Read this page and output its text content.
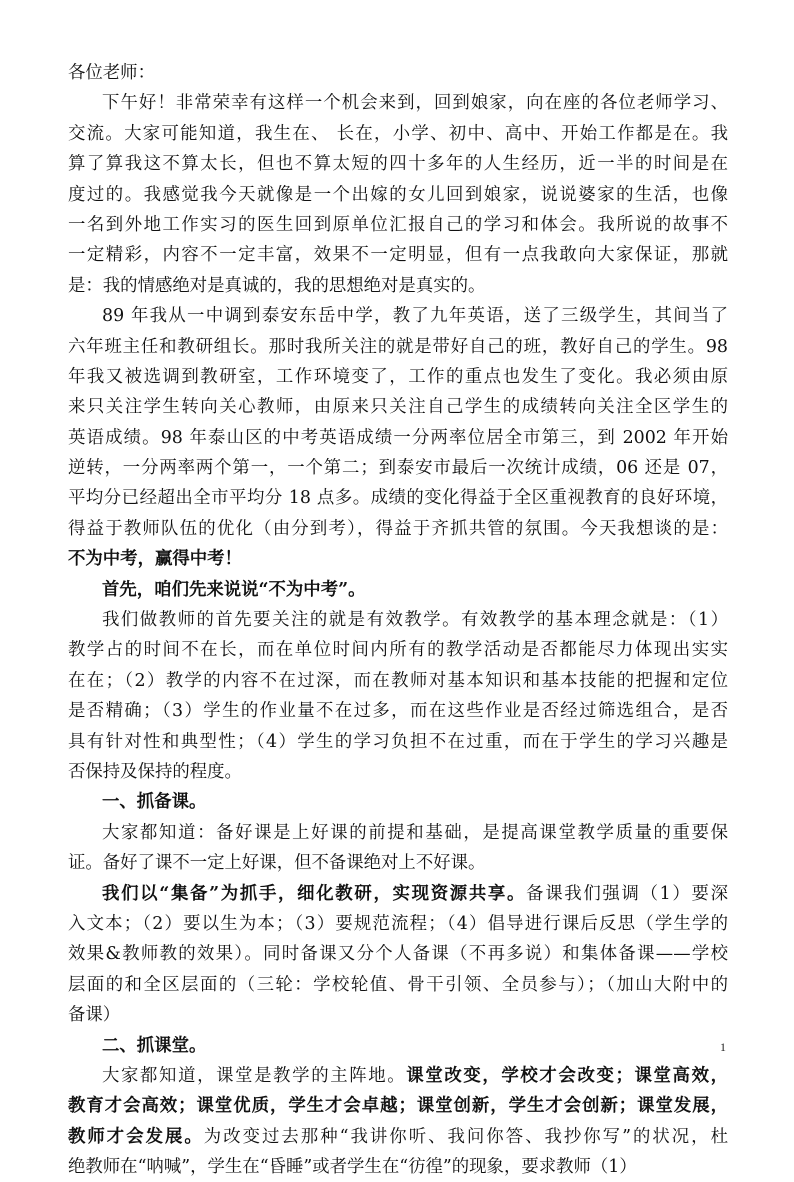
各位老师：
下午好！非常荣幸有这样一个机会来到，回到娘家，向在座的各位老师学习、
交流。大家可能知道，我生在、 长在，小学、初中、高中、开始工作都是在。我
算了算我这不算太长，但也不算太短的四十多年的人生经历，近一半的时间是在
度过的。我感觉我今天就像是一个出嫁的女儿回到娘家，说说婆家的生活，也像
一名到外地工作实习的医生回到原单位汇报自己的学习和体会。我所说的故事不
一定精彩，内容不一定丰富，效果不一定明显，但有一点我敢向大家保证，那就
是：我的情感绝对是真诚的，我的思想绝对是真实的。
89 年我从一中调到泰安东岳中学，教了九年英语，送了三级学生，其间当了
六年班主任和教研组长。那时我所关注的就是带好自己的班，教好自己的学生。98
年我又被选调到教研室，工作环境变了，工作的重点也发生了变化。我必须由原
来只关注学生转向关心教师，由原来只关注自己学生的成绩转向关注全区学生的
英语成绩。98 年泰山区的中考英语成绩一分两率位居全市第三，到 2002 年开始
逆转，一分两率两个第一，一个第二；到泰安市最后一次统计成绩，06 还是 07，
平均分已经超出全市平均分 18 点多。成绩的变化得益于全区重视教育的良好环境，
得益于教师队伍的优化（由分到考），得益于齐抓共管的氛围。今天我想谈的是：
不为中考，赢得中考！
首先，咱们先来说说“不为中考”。
我们做教师的首先要关注的就是有效教学。有效教学的基本理念就是：（1）
教学占的时间不在长，而在单位时间内所有的教学活动是否都能尽力体现出实实
在在；（2）教学的内容不在过深，而在教师对基本知识和基本技能的把握和定位
是否精确；（3）学生的作业量不在过多，而在这些作业是否经过筛选组合，是否
具有针对性和典型性；（4）学生的学习负担不在过重，而在于学生的学习兴趣是
否保持及保持的程度。
一、抓备课。
大家都知道：备好课是上好课的前提和基础，是提高课堂教学质量的重要保
证。备好了课不一定上好课，但不备课绝对上不好课。
我们以“集备”为抓手，细化教研，实现资源共享。备课我们强调（1）要深
入文本；（2）要以生为本；（3）要规范流程；（4）倡导进行课后反思（学生学的
效果&教师教的效果）。同时备课又分个人备课（不再多说）和集体备课——学校
层面的和全区层面的（三轮：学校轮值、骨干引领、全员参与）；（加山大附中的
备课）
二、抓课堂。
大家都知道，课堂是教学的主阵地。课堂改变，学校才会改变；课堂高效，
教育才会高效；课堂优质，学生才会卓越；课堂创新，学生才会创新；课堂发展，
教师才会发展。为改变过去那种“我讲你听、我问你答、我抄你写”的状况，杜
绝教师在“呐喊”，学生在“昏睡”或者学生在“彷徨”的现象，要求教师（1）
1
